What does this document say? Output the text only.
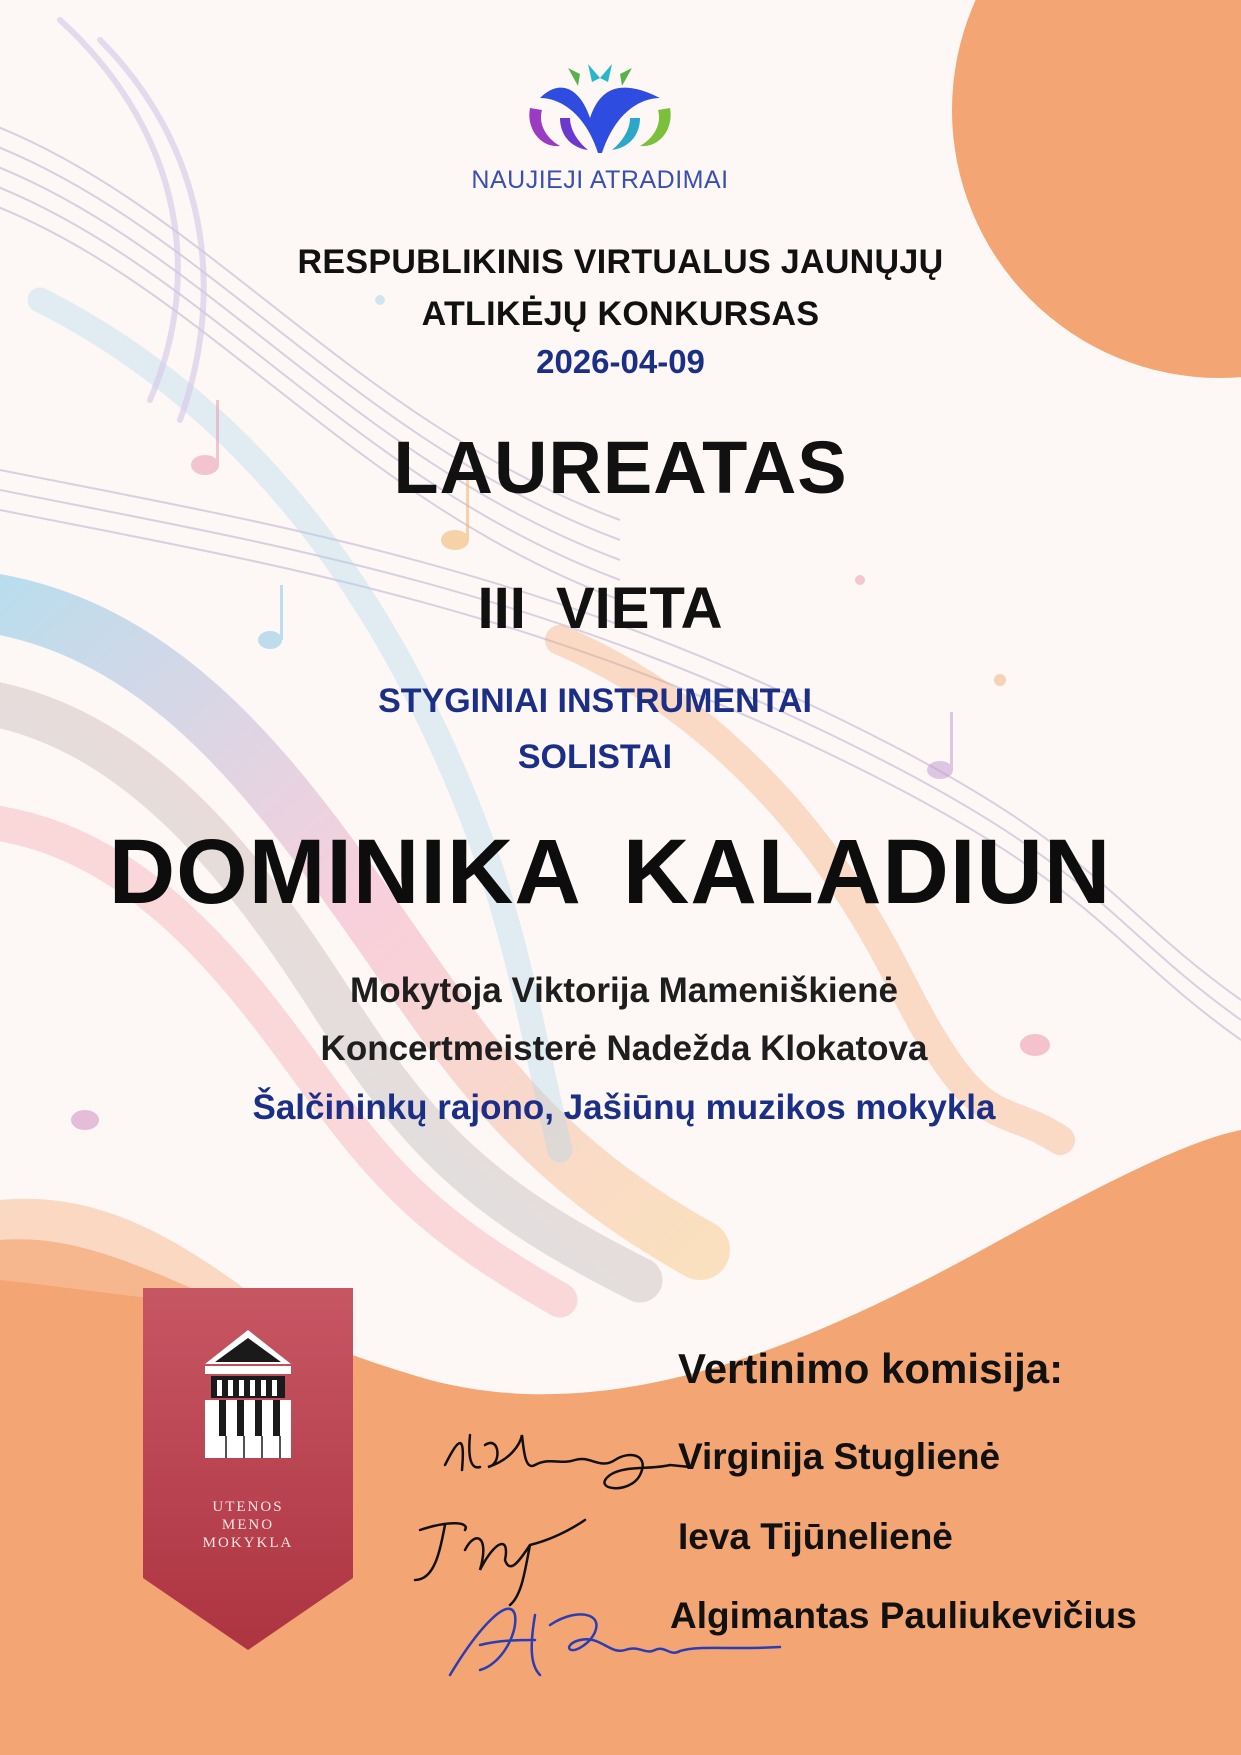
NAUJIEJI ATRADIMAI
RESPUBLIKINIS VIRTUALUS JAUNŲJŲ
ATLIKĖJŲ KONKURSAS
2026-04-09
LAUREATAS
III VIETA
STYGINIAI INSTRUMENTAI
SOLISTAI
DOMINIKA KALADIUN
Mokytoja Viktorija Mameniškienė
Koncertmeisterė Nadežda Klokatova
Šalčininkų rajono, Jašiūnų muzikos mokykla
UTENOS
MENO
MOKYKLA
Vertinimo komisija:
Virginija Stuglienė
Ieva Tijūnelienė
Algimantas Pauliukevičius
